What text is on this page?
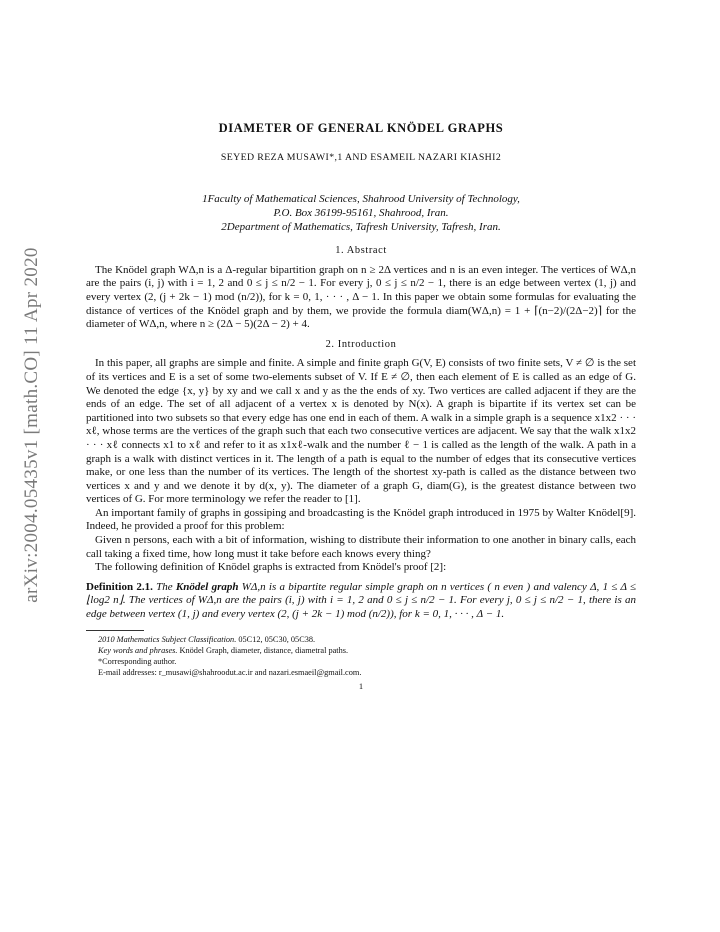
arXiv:2004.05435v1 [math.CO] 11 Apr 2020
DIAMETER OF GENERAL KNÖDEL GRAPHS
SEYED REZA MUSAWI*,1 AND ESAMEIL NAZARI KIASHI2
1Faculty of Mathematical Sciences, Shahrood University of Technology,
P.O. Box 36199-95161, Shahrood, Iran.
2Department of Mathematics, Tafresh University, Tafresh, Iran.
1. Abstract

The Knödel graph WΔ,n is a Δ-regular bipartition graph on n ≥ 2Δ vertices and n is an even integer. The vertices of WΔ,n are the pairs (i, j) with i = 1, 2 and 0 ≤ j ≤ n/2 − 1. For every j, 0 ≤ j ≤ n/2 − 1, there is an edge between vertex (1, j) and every vertex (2, (j + 2k − 1) mod (n/2)), for k = 0, 1, · · · , Δ − 1. In this paper we obtain some formulas for evaluating the distance of vertices of the Knödel graph and by them, we provide the formula diam(WΔ,n) = 1 + ⌈(n−2)/(2Δ−2)⌉ for the diameter of WΔ,n, where n ≥ (2Δ − 5)(2Δ − 2) + 4.

2. Introduction

In this paper, all graphs are simple and finite. A simple and finite graph G(V, E) consists of two finite sets, V ≠ ∅ is the set of its vertices and E is a set of some two-elements subset of V. If E ≠ ∅, then each element of E is called as an edge of G. We denoted the edge {x, y} by xy and we call x and y as the the ends of xy. Two vertices are called adjacent if they are the ends of an edge. The set of all adjacent of a vertex x is denoted by N(x). A graph is bipartite if its vertex set can be partitioned into two subsets so that every edge has one end in each of them. A walk in a simple graph is a sequence x1x2 · · · xℓ, whose terms are the vertices of the graph such that each two consecutive vertices are adjacent. We say that the walk x1x2 · · · xℓ connects x1 to xℓ and refer to it as x1xℓ-walk and the number ℓ − 1 is called as the length of the walk. A path in a graph is a walk with distinct vertices in it. The length of a path is equal to the number of edges that its consecutive vertices make, or one less than the number of its vertices. The length of the shortest xy-path is called as the distance between two vertices x and y and we denote it by d(x, y). The diameter of a graph G, diam(G), is the greatest distance between two vertices of G. For more terminology we refer the reader to [1].

An important family of graphs in gossiping and broadcasting is the Knödel graph introduced in 1975 by Walter Knödel[9]. Indeed, he provided a proof for this problem:

Given n persons, each with a bit of information, wishing to distribute their information to one another in binary calls, each call taking a fixed time, how long must it take before each knows every thing?

The following definition of Knödel graphs is extracted from Knödel's proof [2]:

Definition 2.1. The Knödel graph WΔ,n is a bipartite regular simple graph on n vertices ( n even ) and valency Δ, 1 ≤ Δ ≤ ⌊log2 n⌋. The vertices of WΔ,n are the pairs (i, j) with i = 1, 2 and 0 ≤ j ≤ n/2 − 1. For every j, 0 ≤ j ≤ n/2 − 1, there is an edge between vertex (1, j) and every vertex (2, (j + 2k − 1) mod (n/2)), for k = 0, 1, · · · , Δ − 1.

2010 Mathematics Subject Classification. 05C12, 05C30, 05C38.
Key words and phrases. Knödel Graph, diameter, distance, diametral paths.
*Corresponding author.
E-mail addresses: r_musawi@shahroodut.ac.ir and nazari.esmaeil@gmail.com.
1
